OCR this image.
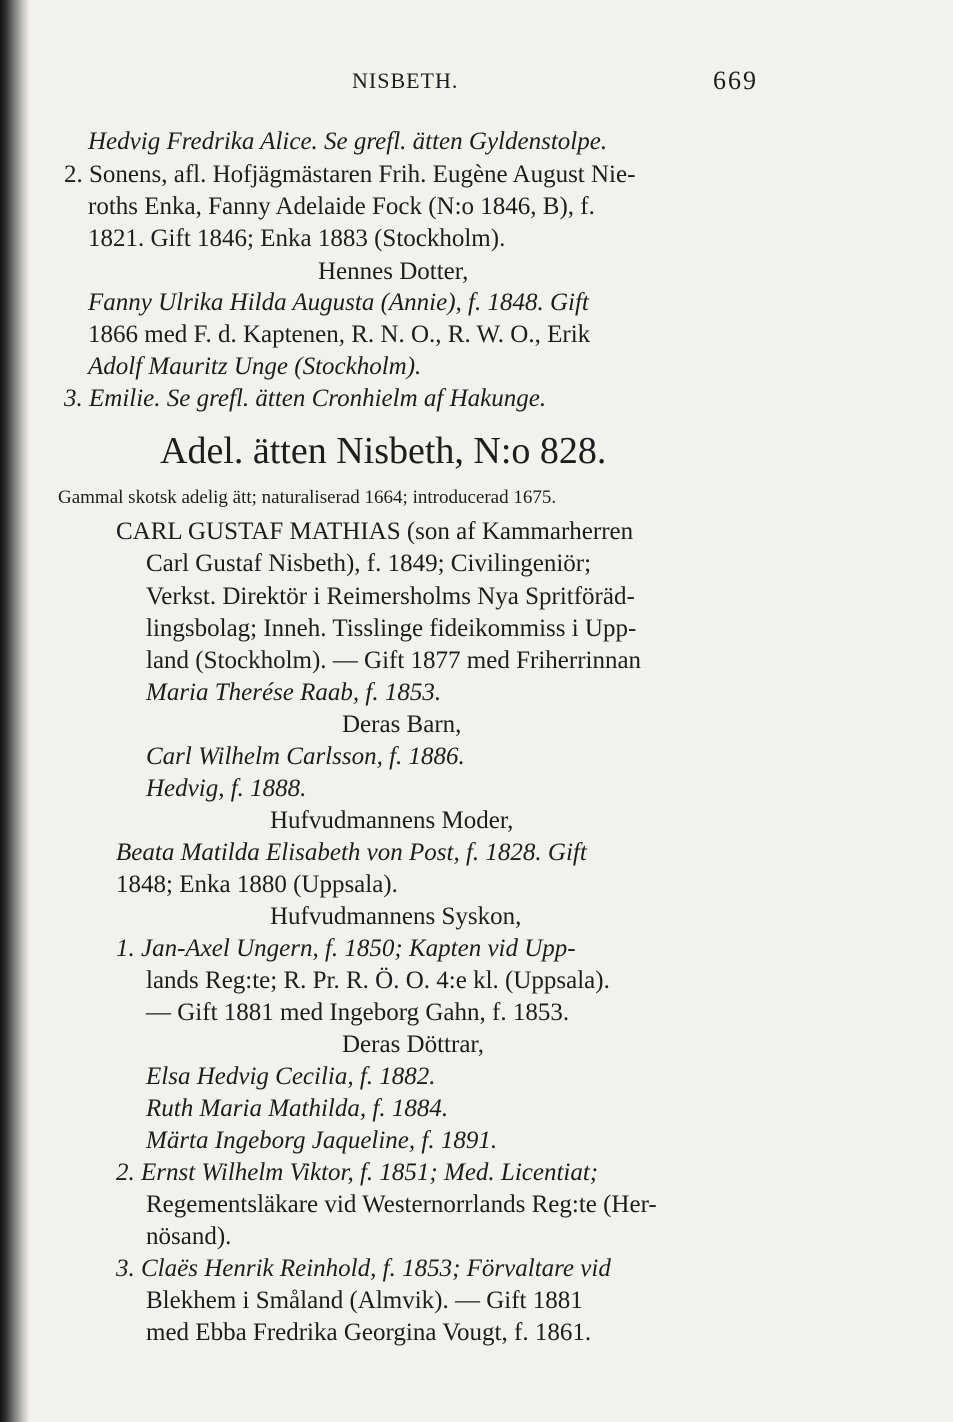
NISBETH.	669
Hedvig Fredrika Alice. Se grefl. ätten Gyldenstolpe.
2. Sonens, afl. Hofjägmästaren Frih. Eugène August Nie-
roths Enka, Fanny Adelaide Fock (N:o 1846, B), f.
1821. Gift 1846; Enka 1883 (Stockholm).
Hennes Dotter,
Fanny Ulrika Hilda Augusta (Annie), f. 1848. Gift
1866 med F. d. Kaptenen, R. N. O., R. W. O., Erik
Adolf Mauritz Unge (Stockholm).
3. Emilie. Se grefl. ätten Cronhielm af Hakunge.
Adel. ätten Nisbeth, N:o 828.
Gammal skotsk adelig ätt; naturaliserad 1664; introducerad 1675.
CARL GUSTAF MATHIAS (son af Kammarherren
Carl Gustaf Nisbeth), f. 1849; Civilingeniör;
Verkst. Direktör i Reimersholms Nya Spritföräd-
lingsbolag; Inneh. Tisslinge fideikommiss i Upp-
land (Stockholm). — Gift 1877 med Friherrinnan
Maria Therése Raab, f. 1853.
Deras Barn,
Carl Wilhelm Carlsson, f. 1886.
Hedvig, f. 1888.
Hufvudmannens Moder,
Beata Matilda Elisabeth von Post, f. 1828. Gift
1848; Enka 1880 (Uppsala).
Hufvudmannens Syskon,
1. Jan-Axel Ungern, f. 1850; Kapten vid Upp-
lands Reg:te; R. Pr. R. Ö. O. 4:e kl. (Uppsala).
— Gift 1881 med Ingeborg Gahn, f. 1853.
Deras Döttrar,
Elsa Hedvig Cecilia, f. 1882.
Ruth Maria Mathilda, f. 1884.
Märta Ingeborg Jaqueline, f. 1891.
2. Ernst Wilhelm Viktor, f. 1851; Med. Licentiat;
Regementsläkare vid Westernorrlands Reg:te (Her-
nösand).
3. Claës Henrik Reinhold, f. 1853; Förvaltare vid
Blekhem i Småland (Almvik). — Gift 1881
med Ebba Fredrika Georgina Vougt, f. 1861.
